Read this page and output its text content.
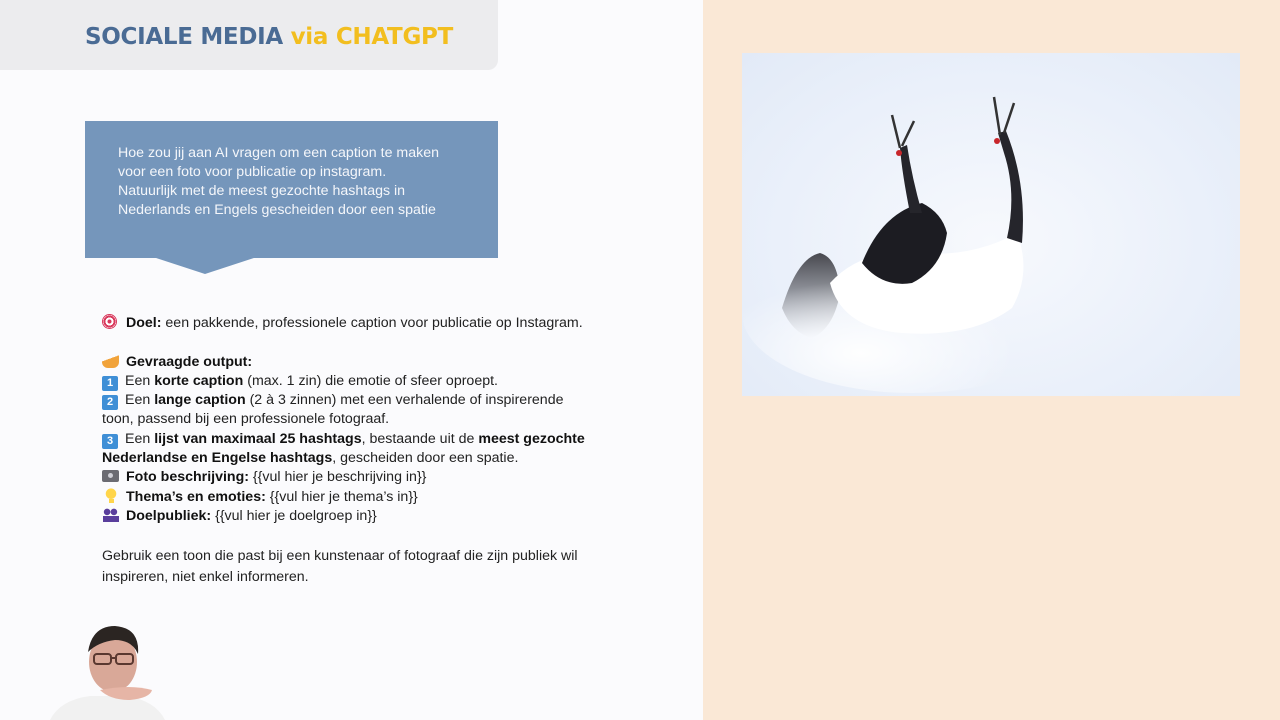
SOCIALE MEDIA via CHATGPT
Hoe zou jij aan AI vragen om een caption te maken
voor een foto voor publicatie op instagram.
Natuurlijk met de meest gezochte hashtags in
Nederlands en Engels gescheiden door een spatie
Doel: een pakkende, professionele caption voor publicatie op Instagram.
Gevraagde output:
1 Een korte caption (max. 1 zin) die emotie of sfeer oproept.
2 Een lange caption (2 à 3 zinnen) met een verhalende of inspirerende
toon, passend bij een professionele fotograaf.
3 Een lijst van maximaal 25 hashtags, bestaande uit de meest gezochte
Nederlandse en Engelse hashtags, gescheiden door een spatie.
Foto beschrijving: {{vul hier je beschrijving in}}
Thema’s en emoties: {{vul hier je thema’s in}}
Doelpubliek: {{vul hier je doelgroep in}}
Gebruik een toon die past bij een kunstenaar of fotograaf die zijn publiek wil
inspireren, niet enkel informeren.
